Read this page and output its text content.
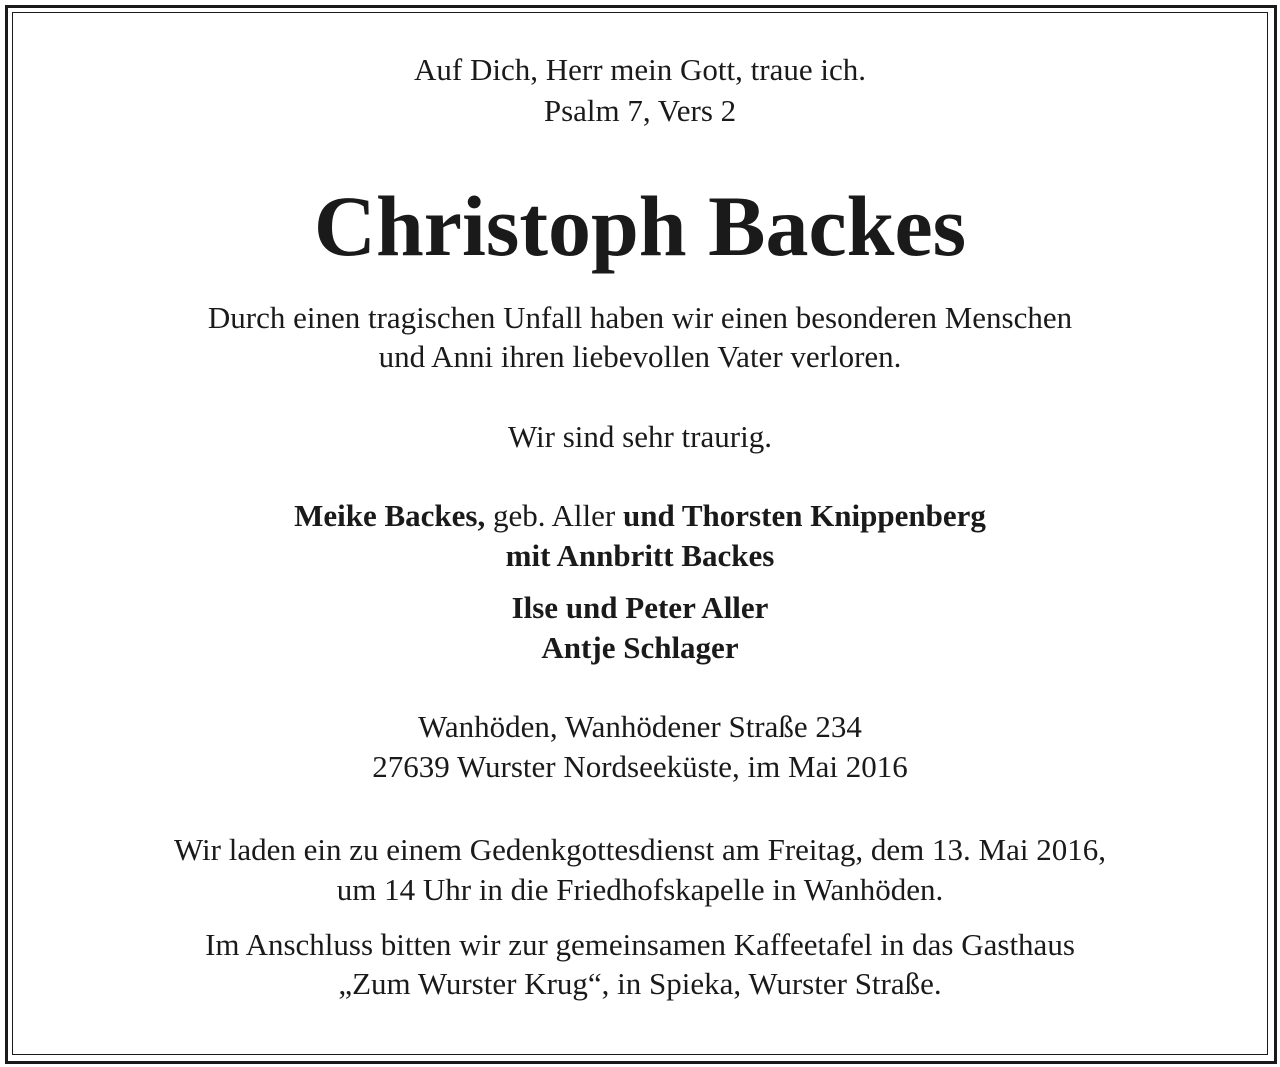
Auf Dich, Herr mein Gott, traue ich.
Psalm 7, Vers 2
Christoph Backes
Durch einen tragischen Unfall haben wir einen besonderen Menschen
und Anni ihren liebevollen Vater verloren.
Wir sind sehr traurig.
Meike Backes, geb. Aller und Thorsten Knippenberg
mit Annbritt Backes
Ilse und Peter Aller
Antje Schlager
Wanhöden, Wanhödener Straße 234
27639 Wurster Nordseeküste, im Mai 2016
Wir laden ein zu einem Gedenkgottesdienst am Freitag, dem 13. Mai 2016,
um 14 Uhr in die Friedhofskapelle in Wanhöden.
Im Anschluss bitten wir zur gemeinsamen Kaffeetafel in das Gasthaus
„Zum Wurster Krug“, in Spieka, Wurster Straße.
